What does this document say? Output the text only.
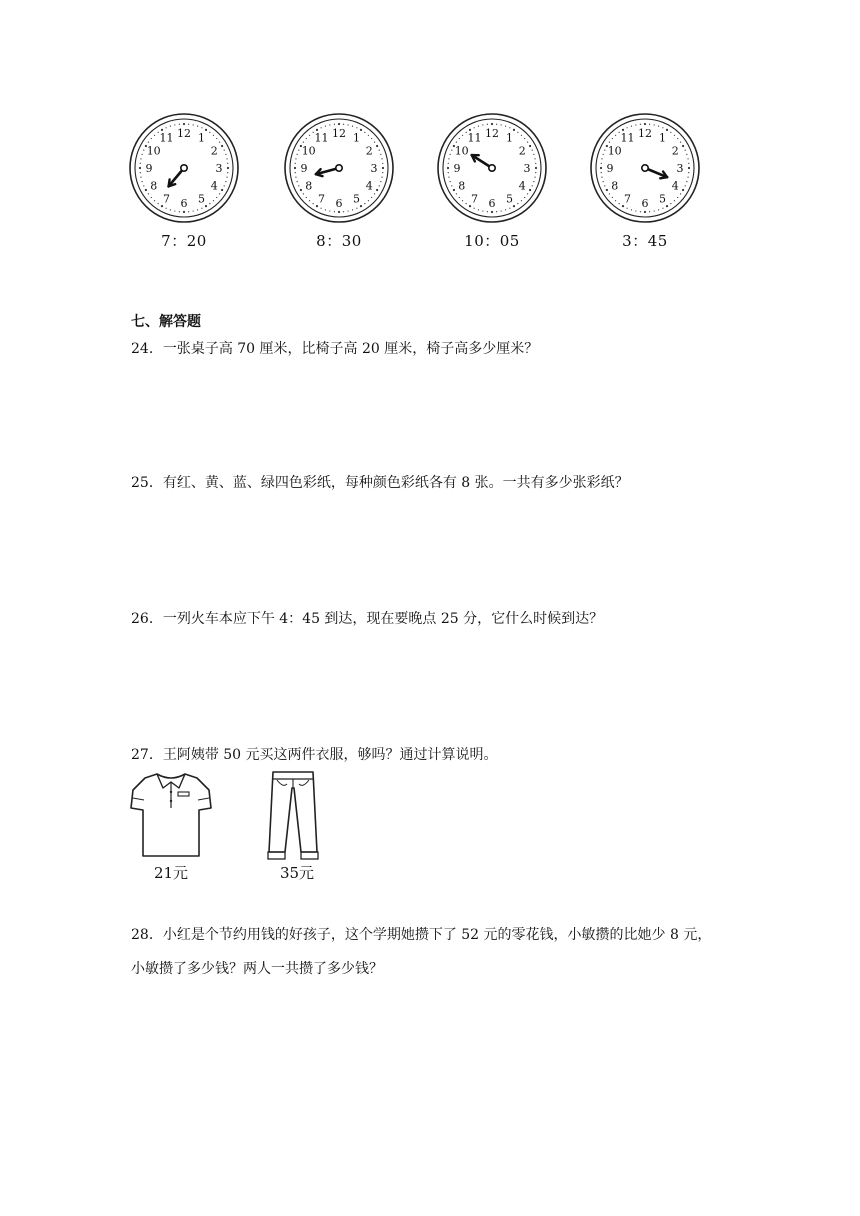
1
2
3
4
5
6
7
8
9
10
11 12
7：20
1
2
3
4
5
6
7
8
9
10
11 12
8：30
1
2
3
4
5
6
7
8
9
10
11 12
10：05
1
2
3
4
5
6
7
8
9
10
11 12
3：45
七、解答题
24．一张桌子高 70 厘米，比椅子高 20 厘米，椅子高多少厘米？
25．有红、黄、蓝、绿四色彩纸，每种颜色彩纸各有 8 张。一共有多少张彩纸？
26．一列火车本应下午 4：45 到达，现在要晚点 25 分，它什么时候到达？
27．王阿姨带 50 元买这两件衣服，够吗？通过计算说明。
21元	35元
28．小红是个节约用钱的好孩子，这个学期她攒下了 52 元的零花钱，小敏攒的比她少 8 元，
小敏攒了多少钱？两人一共攒了多少钱？
